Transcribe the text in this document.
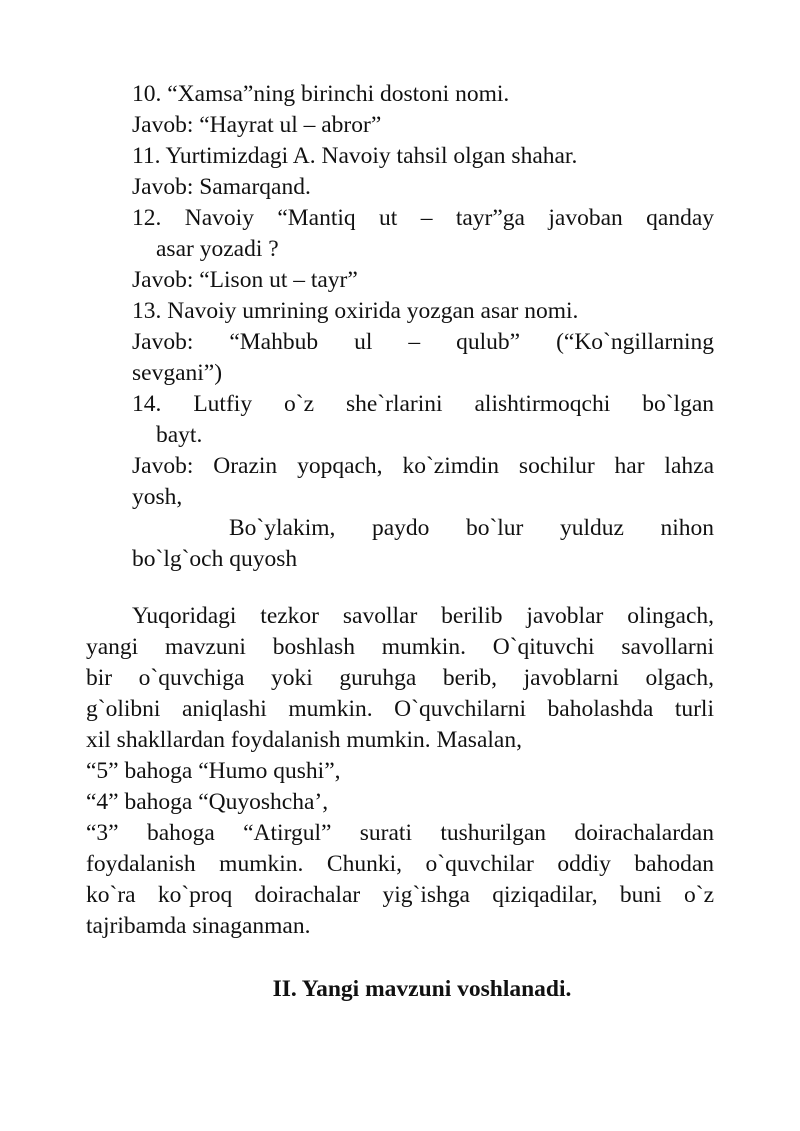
10. “Xamsa”ning birinchi dostoni nomi.
Javob: “Hayrat ul – abror”
11. Yurtimizdagi A. Navoiy tahsil olgan shahar.
Javob: Samarqand.
12. Navoiy “Mantiq ut – tayr”ga javoban qanday
asar yozadi ?
Javob: “Lison ut – tayr”
13. Navoiy umrining oxirida yozgan asar nomi.
Javob: “Mahbub ul – qulub” (“Ko`ngillarning
sevgani”)
14. Lutfiy o`z she`rlarini alishtirmoqchi bo`lgan
bayt.
Javob: Orazin yopqach, ko`zimdin sochilur har lahza
yosh,
Bo`ylakim, paydo bo`lur yulduz nihon
bo`lg`och quyosh
Yuqoridagi tezkor savollar berilib javoblar olingach,
yangi mavzuni boshlash mumkin. O`qituvchi savollarni
bir o`quvchiga yoki guruhga berib, javoblarni olgach,
g`olibni aniqlashi mumkin. O`quvchilarni baholashda turli
xil shakllardan foydalanish mumkin. Masalan,
“5” bahoga “Humo qushi”,
“4” bahoga “Quyoshcha’,
“3” bahoga “Atirgul” surati tushurilgan doirachalardan
foydalanish mumkin. Chunki, o`quvchilar oddiy bahodan
ko`ra ko`proq doirachalar yig`ishga qiziqadilar, buni o`z
tajribamda sinaganman.
II. Yangi mavzuni voshlanadi.
